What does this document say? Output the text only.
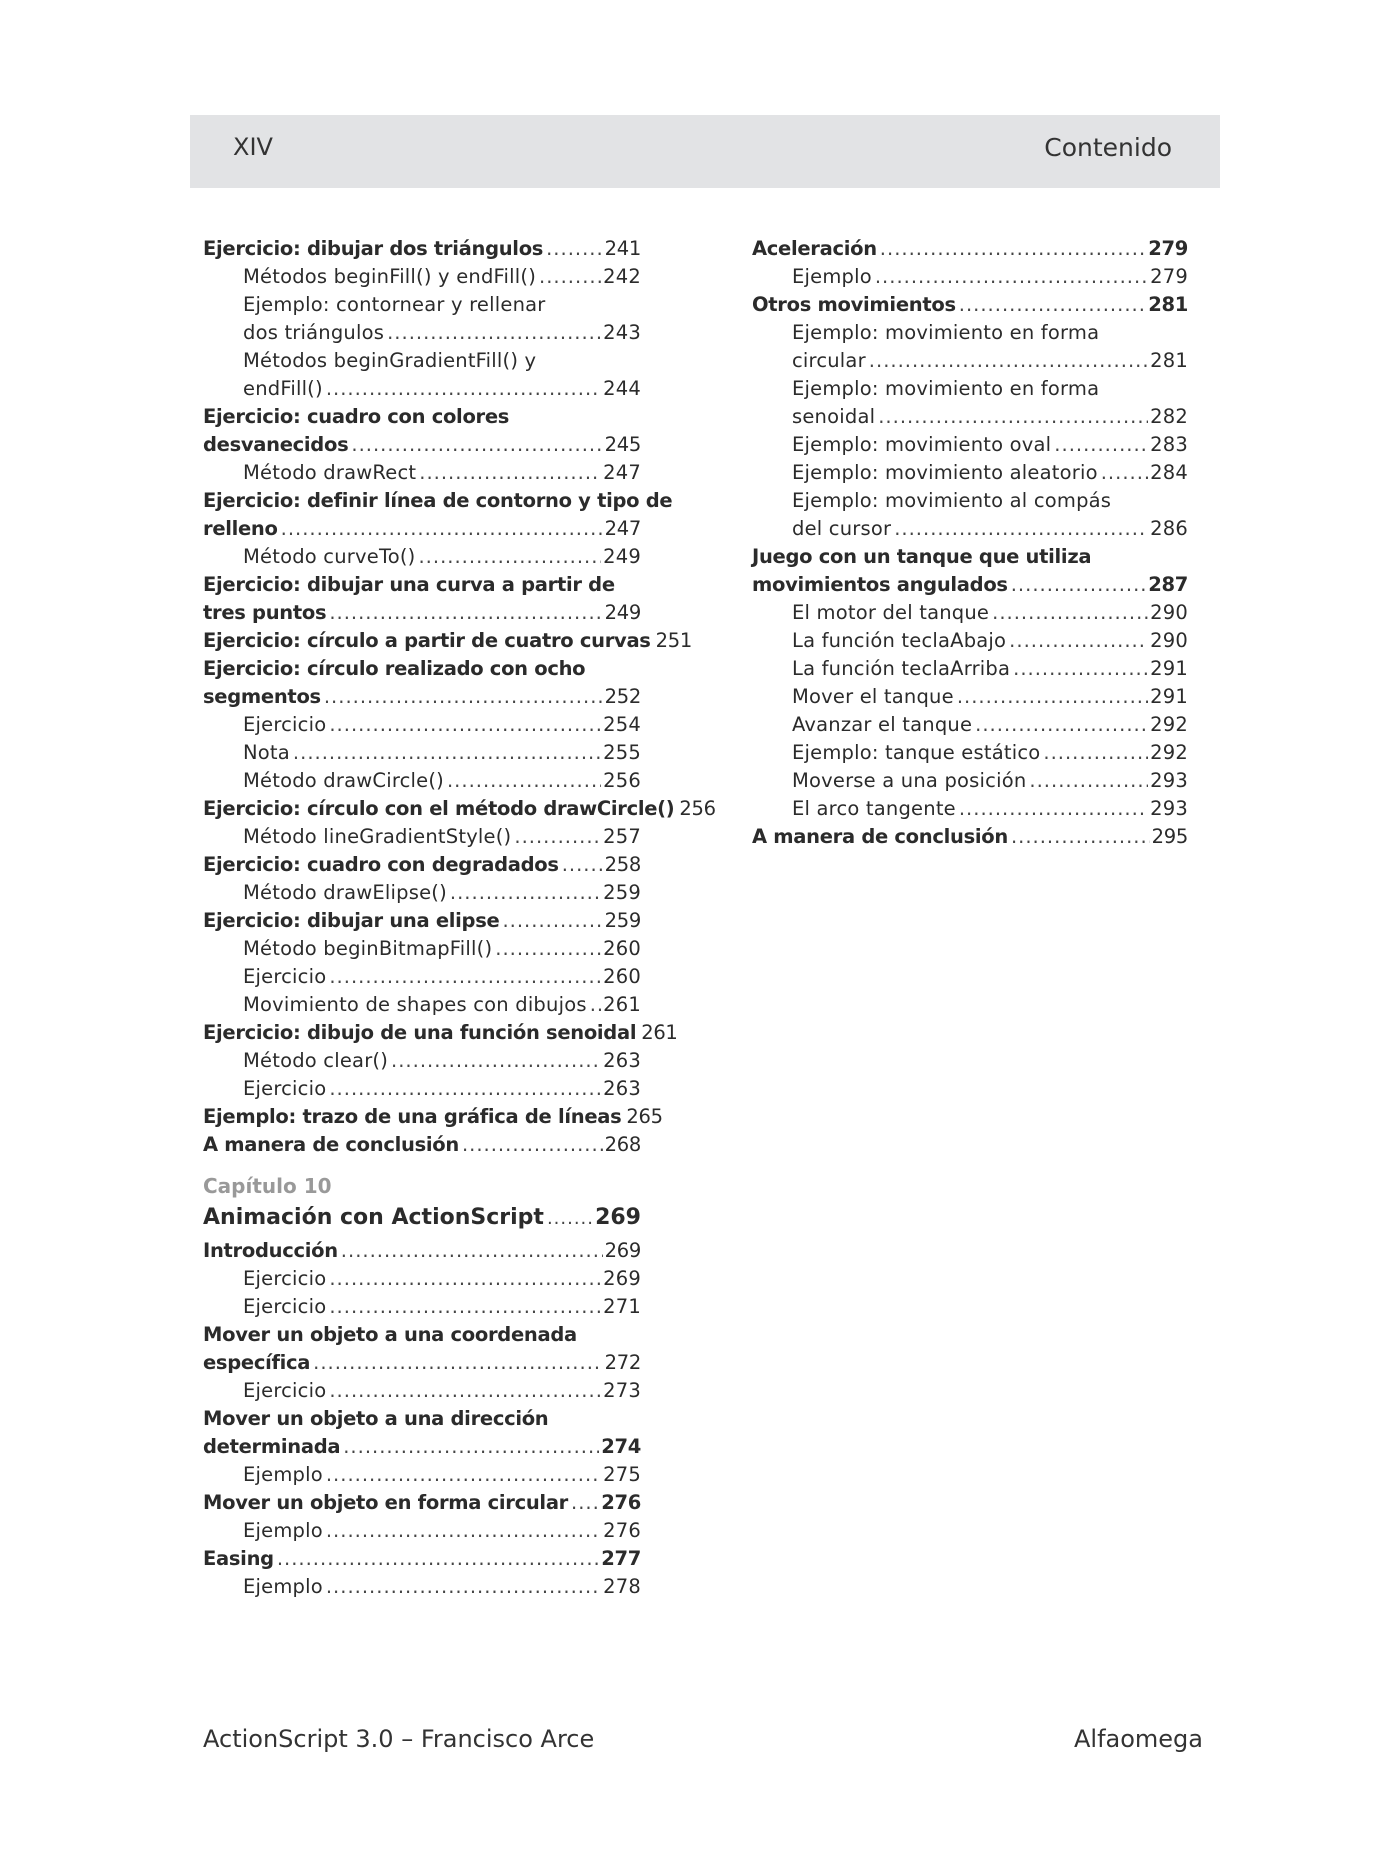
XIV	Contenido
Ejercicio: dibujar dos triángulos .....	241
Métodos beginFill() y endFill() .....	242
Ejemplo: contornear y rellenar
dos triángulos .....	243
Métodos beginGradientFill() y
endFill() .....	244
Ejercicio: cuadro con colores
desvanecidos .....	245
Método drawRect .....	247
Ejercicio: definir línea de contorno y tipo de
relleno .....	247
Método curveTo() .....	249
Ejercicio: dibujar una curva a partir de
tres puntos .....	249
Ejercicio: círculo a partir de cuatro curvas 251
Ejercicio: círculo realizado con ocho
segmentos .....	252
Ejercicio .....	254
Nota .....	255
Método drawCircle() .....	256
Ejercicio: círculo con el método drawCircle() 256
Método lineGradientStyle() .....	257
Ejercicio: cuadro con degradados ..... 258
Método drawElipse() .....	259
Ejercicio: dibujar una elipse .....	259
Método beginBitmapFill() .....	260
Ejercicio .....	260
Movimiento de shapes con dibujos ..... 261
Ejercicio: dibujo de una función senoidal 261
Método clear() .....	263
Ejercicio .....	263
Ejemplo: trazo de una gráfica de líneas 265
A manera de conclusión .....	268
Capítulo 10
Animación con ActionScript ..... 269
Introducción .....	269
Ejercicio .....	269
Ejercicio .....	271
Mover un objeto a una coordenada
específica .....	272
Ejercicio .....	273
Mover un objeto a una dirección
determinada .....	274
Ejemplo .....	275
Mover un objeto en forma circular ..... 276
Ejemplo .....	276
Easing .....	277
Ejemplo .....	278
Aceleración .....	279
Ejemplo .....	279
Otros movimientos .....	281
Ejemplo: movimiento en forma
circular .....	281
Ejemplo: movimiento en forma
senoidal .....	282
Ejemplo: movimiento oval .....	283
Ejemplo: movimiento aleatorio .....	284
Ejemplo: movimiento al compás
del cursor .....	286
Juego con un tanque que utiliza
movimientos angulados .....	287
El motor del tanque .....	290
La función teclaAbajo .....	290
La función teclaArriba .....	291
Mover el tanque .....	291
Avanzar el tanque .....	292
Ejemplo: tanque estático .....	292
Moverse a una posición .....	293
El arco tangente .....	293
A manera de conclusión .....	295
ActionScript 3.0 – Francisco Arce	Alfaomega
